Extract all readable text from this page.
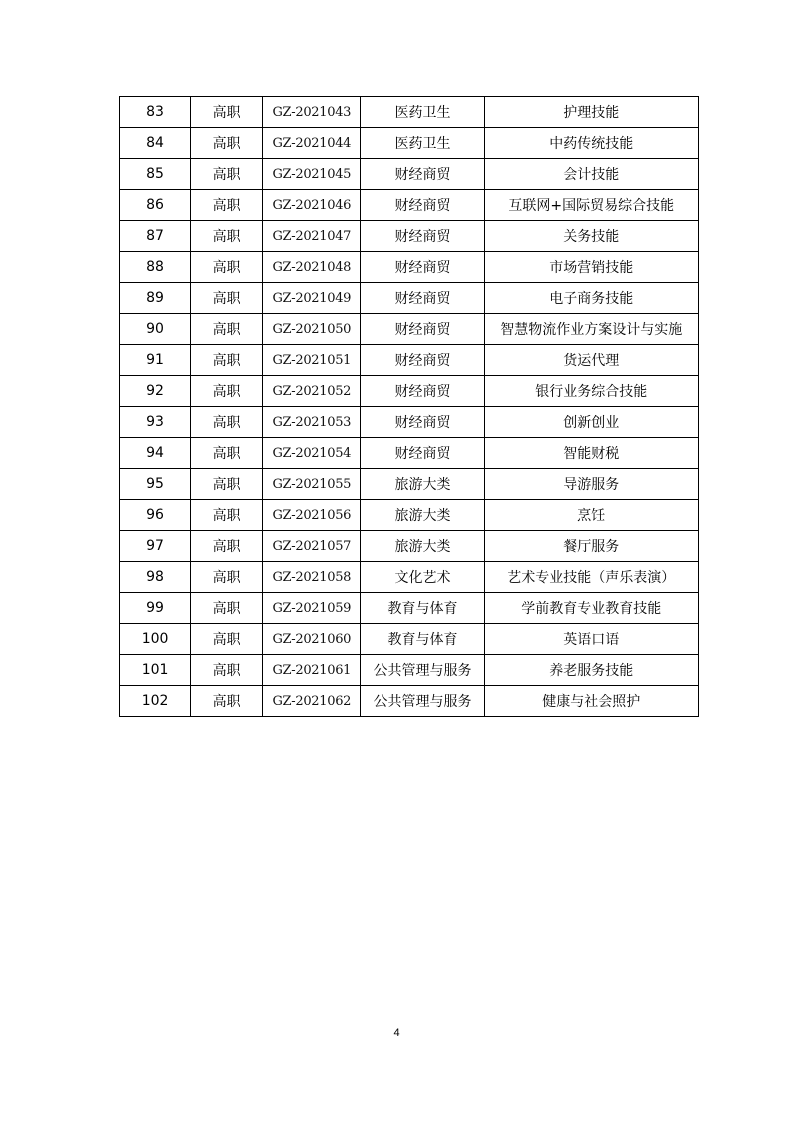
83	高职	GZ-2021043	医药卫生	护理技能
84	高职	GZ-2021044	医药卫生	中药传统技能
85	高职	GZ-2021045	财经商贸	会计技能
86	高职	GZ-2021046	财经商贸	互联网+国际贸易综合技能
87	高职	GZ-2021047	财经商贸	关务技能
88	高职	GZ-2021048	财经商贸	市场营销技能
89	高职	GZ-2021049	财经商贸	电子商务技能
90	高职	GZ-2021050	财经商贸	智慧物流作业方案设计与实施
91	高职	GZ-2021051	财经商贸	货运代理
92	高职	GZ-2021052	财经商贸	银行业务综合技能
93	高职	GZ-2021053	财经商贸	创新创业
94	高职	GZ-2021054	财经商贸	智能财税
95	高职	GZ-2021055	旅游大类	导游服务
96	高职	GZ-2021056	旅游大类	烹饪
97	高职	GZ-2021057	旅游大类	餐厅服务
98	高职	GZ-2021058	文化艺术	艺术专业技能（声乐表演）
99	高职	GZ-2021059	教育与体育	学前教育专业教育技能
100	高职	GZ-2021060	教育与体育	英语口语
101	高职	GZ-2021061	公共管理与服务	养老服务技能
102	高职	GZ-2021062	公共管理与服务	健康与社会照护
4
